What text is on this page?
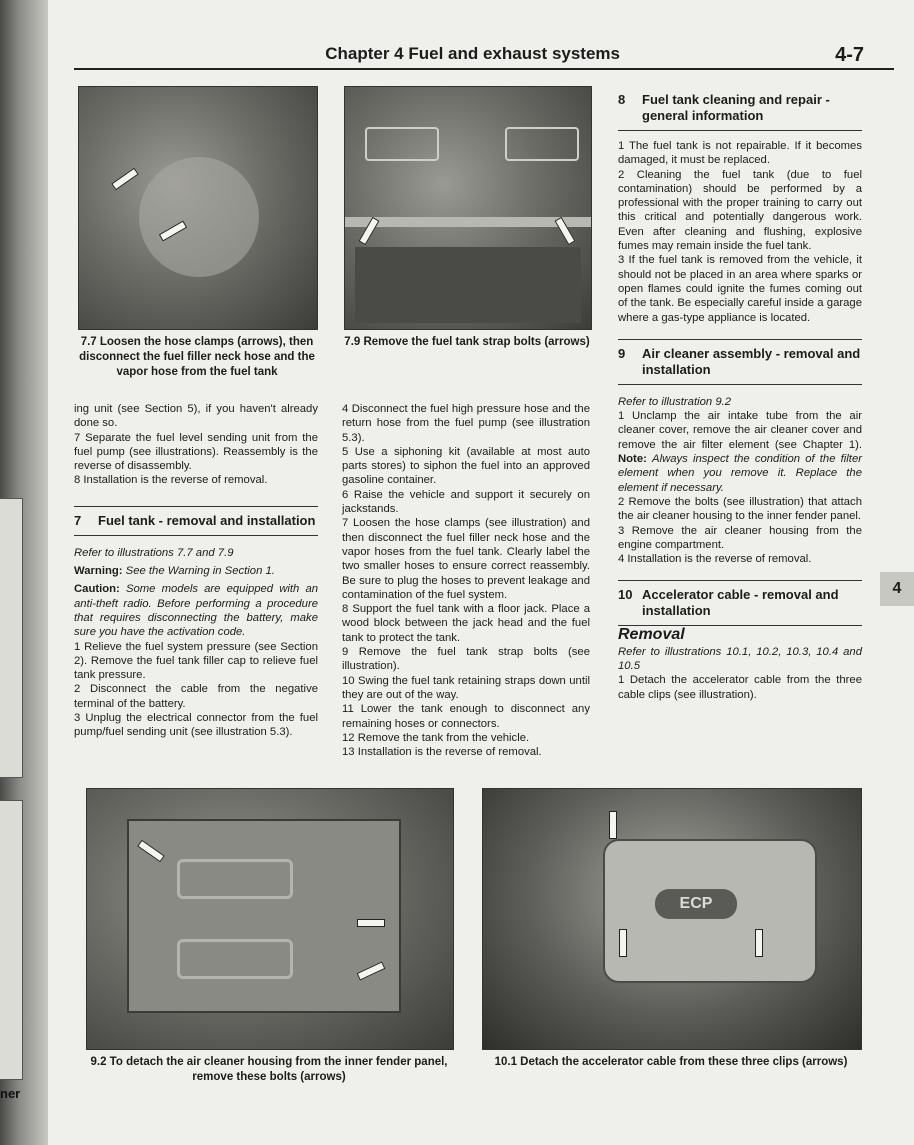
ner
Chapter 4 Fuel and exhaust systems	4-7
7.7 Loosen the hose clamps (arrows), then disconnect the fuel filler neck hose and the vapor hose from the fuel tank
7.9 Remove the fuel tank strap bolts (arrows)

ing unit (see Section 5), if you haven't already done so.

7 Separate the fuel level sending unit from the fuel pump (see illustrations). Reassembly is the reverse of disassembly.

8 Installation is the reverse of removal.

7 Fuel tank - removal and installation

Refer to illustrations 7.7 and 7.9

Warning: See the Warning in Section 1.

Caution: Some models are equipped with an anti-theft radio. Before performing a procedure that requires disconnecting the battery, make sure you have the activation code.

1 Relieve the fuel system pressure (see Section 2). Remove the fuel tank filler cap to relieve fuel tank pressure.

2 Disconnect the cable from the negative terminal of the battery.

3 Unplug the electrical connector from the fuel pump/fuel sending unit (see illustration 5.3).

4 Disconnect the fuel high pressure hose and the return hose from the fuel pump (see illustration 5.3).

5 Use a siphoning kit (available at most auto parts stores) to siphon the fuel into an approved gasoline container.

6 Raise the vehicle and support it securely on jackstands.

7 Loosen the hose clamps (see illustration) and then disconnect the fuel filler neck hose and the vapor hoses from the fuel tank. Clearly label the two smaller hoses to ensure correct reassembly. Be sure to plug the hoses to prevent leakage and contamination of the fuel system.

8 Support the fuel tank with a floor jack. Place a wood block between the jack head and the fuel tank to protect the tank.

9 Remove the fuel tank strap bolts (see illustration).

10 Swing the fuel tank retaining straps down until they are out of the way.

11 Lower the tank enough to disconnect any remaining hoses or connectors.

12 Remove the tank from the vehicle.

13 Installation is the reverse of removal.

8 Fuel tank cleaning and repair - general information

1 The fuel tank is not repairable. If it becomes damaged, it must be replaced.

2 Cleaning the fuel tank (due to fuel contamination) should be performed by a professional with the proper training to carry out this critical and potentially dangerous work. Even after cleaning and flushing, explosive fumes may remain inside the fuel tank.

3 If the fuel tank is removed from the vehicle, it should not be placed in an area where sparks or open flames could ignite the fumes coming out of the tank. Be especially careful inside a garage where a gas-type appliance is located.

9 Air cleaner assembly - removal and installation

Refer to illustration 9.2

1 Unclamp the air intake tube from the air cleaner cover, remove the air cleaner cover and remove the air filter element (see Chapter 1). Note: Always inspect the condition of the filter element when you remove it. Replace the element if necessary.

2 Remove the bolts (see illustration) that attach the air cleaner housing to the inner fender panel.

3 Remove the air cleaner housing from the engine compartment.

4 Installation is the reverse of removal.

10 Accelerator cable - removal and installation
Removal

Refer to illustrations 10.1, 10.2, 10.3, 10.4 and 10.5

1 Detach the accelerator cable from the three cable clips (see illustration).

4
9.2 To detach the air cleaner housing from the inner fender panel, remove these bolts (arrows)
ECP
10.1 Detach the accelerator cable from these three clips (arrows)
